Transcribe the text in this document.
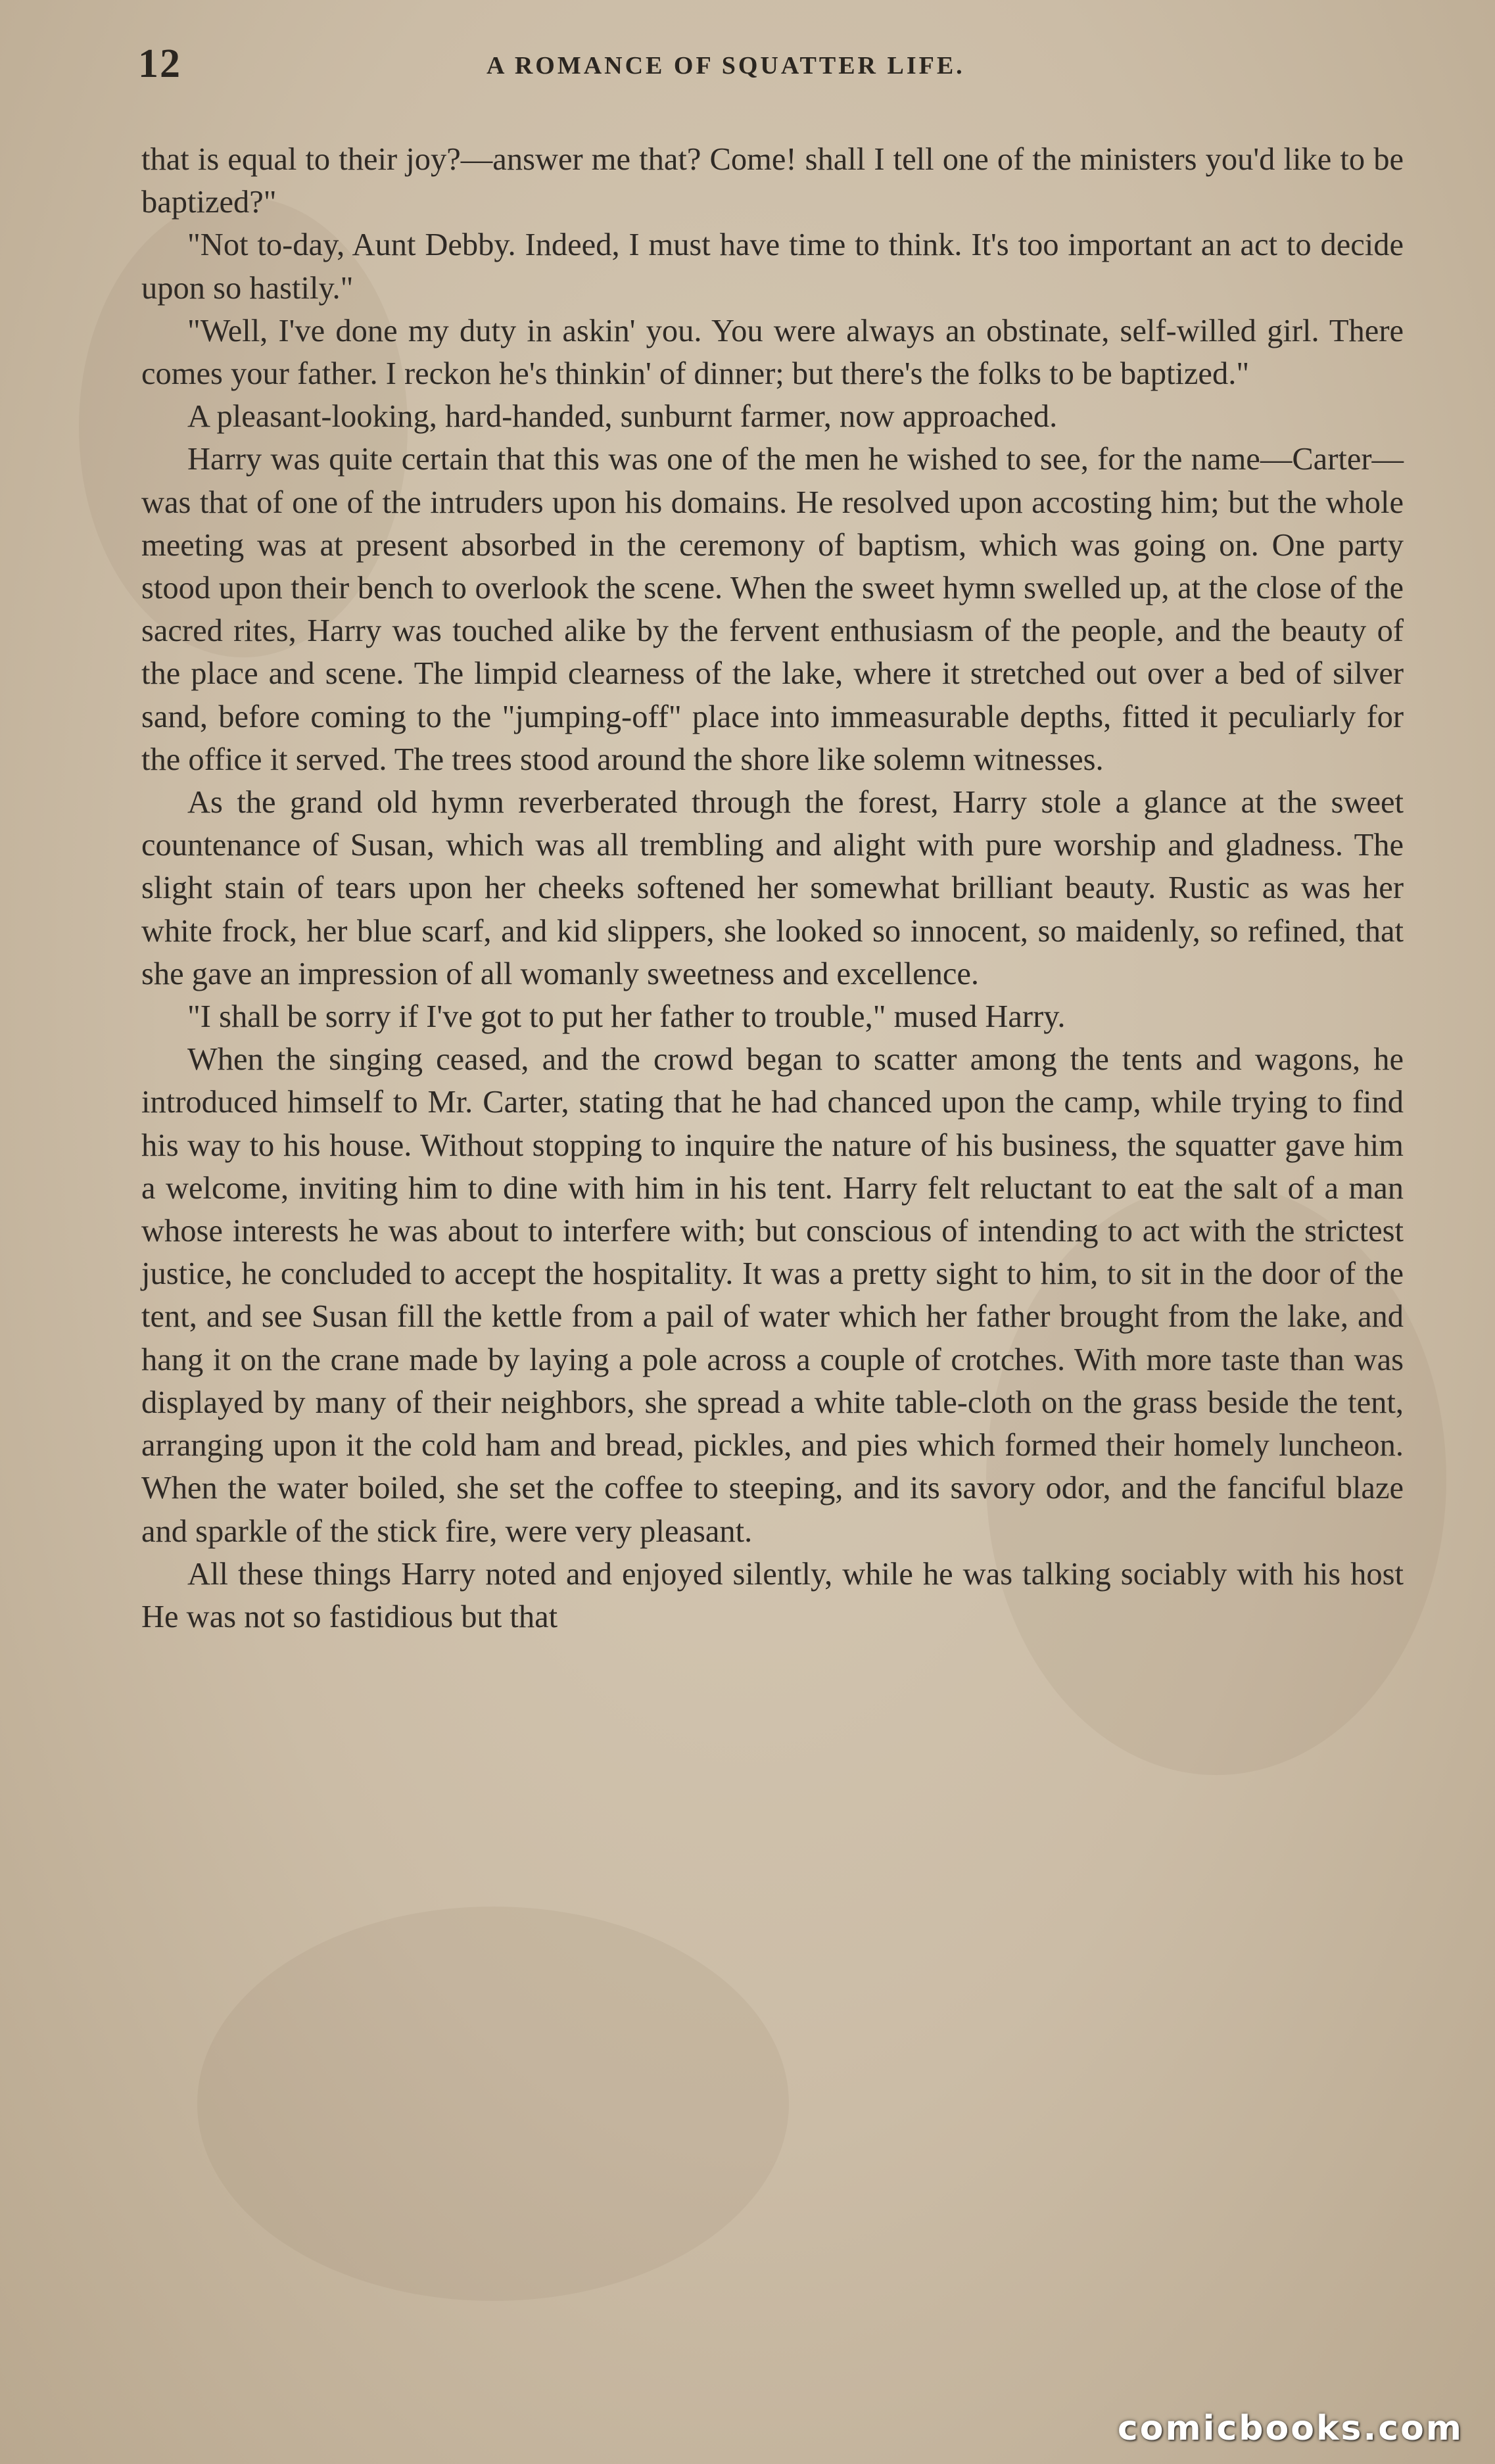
12	A ROMANCE OF SQUATTER LIFE.

that is equal to their joy?—answer me that? Come! shall I tell one of the ministers you'd like to be baptized?"

"Not to-day, Aunt Debby. Indeed, I must have time to think. It's too important an act to decide upon so hastily."

"Well, I've done my duty in askin' you. You were always an obstinate, self-willed girl. There comes your father. I reckon he's thinkin' of dinner; but there's the folks to be baptized."

A pleasant-looking, hard-handed, sunburnt farmer, now approached.

Harry was quite certain that this was one of the men he wished to see, for the name—Carter—was that of one of the intruders upon his domains. He resolved upon accosting him; but the whole meeting was at present absorbed in the ceremony of baptism, which was going on. One party stood upon their bench to overlook the scene. When the sweet hymn swelled up, at the close of the sacred rites, Harry was touched alike by the fervent enthusiasm of the people, and the beauty of the place and scene. The limpid clearness of the lake, where it stretched out over a bed of silver sand, before coming to the "jumping-off" place into immeasurable depths, fitted it peculiarly for the office it served. The trees stood around the shore like solemn witnesses.

As the grand old hymn reverberated through the forest, Harry stole a glance at the sweet countenance of Susan, which was all trembling and alight with pure worship and gladness. The slight stain of tears upon her cheeks softened her somewhat brilliant beauty. Rustic as was her white frock, her blue scarf, and kid slippers, she looked so innocent, so maidenly, so refined, that she gave an impression of all womanly sweetness and excellence.

"I shall be sorry if I've got to put her father to trouble," mused Harry.

When the singing ceased, and the crowd began to scatter among the tents and wagons, he introduced himself to Mr. Carter, stating that he had chanced upon the camp, while trying to find his way to his house. Without stopping to inquire the nature of his business, the squatter gave him a welcome, inviting him to dine with him in his tent. Harry felt reluctant to eat the salt of a man whose interests he was about to interfere with; but conscious of intending to act with the strictest justice, he concluded to accept the hospitality. It was a pretty sight to him, to sit in the door of the tent, and see Susan fill the kettle from a pail of water which her father brought from the lake, and hang it on the crane made by laying a pole across a couple of crotches. With more taste than was displayed by many of their neighbors, she spread a white table-cloth on the grass beside the tent, arranging upon it the cold ham and bread, pickles, and pies which formed their homely luncheon. When the water boiled, she set the coffee to steeping, and its savory odor, and the fanciful blaze and sparkle of the stick fire, were very pleasant.

All these things Harry noted and enjoyed silently, while he was talking sociably with his host He was not so fastidious but that

comicbooks.com
